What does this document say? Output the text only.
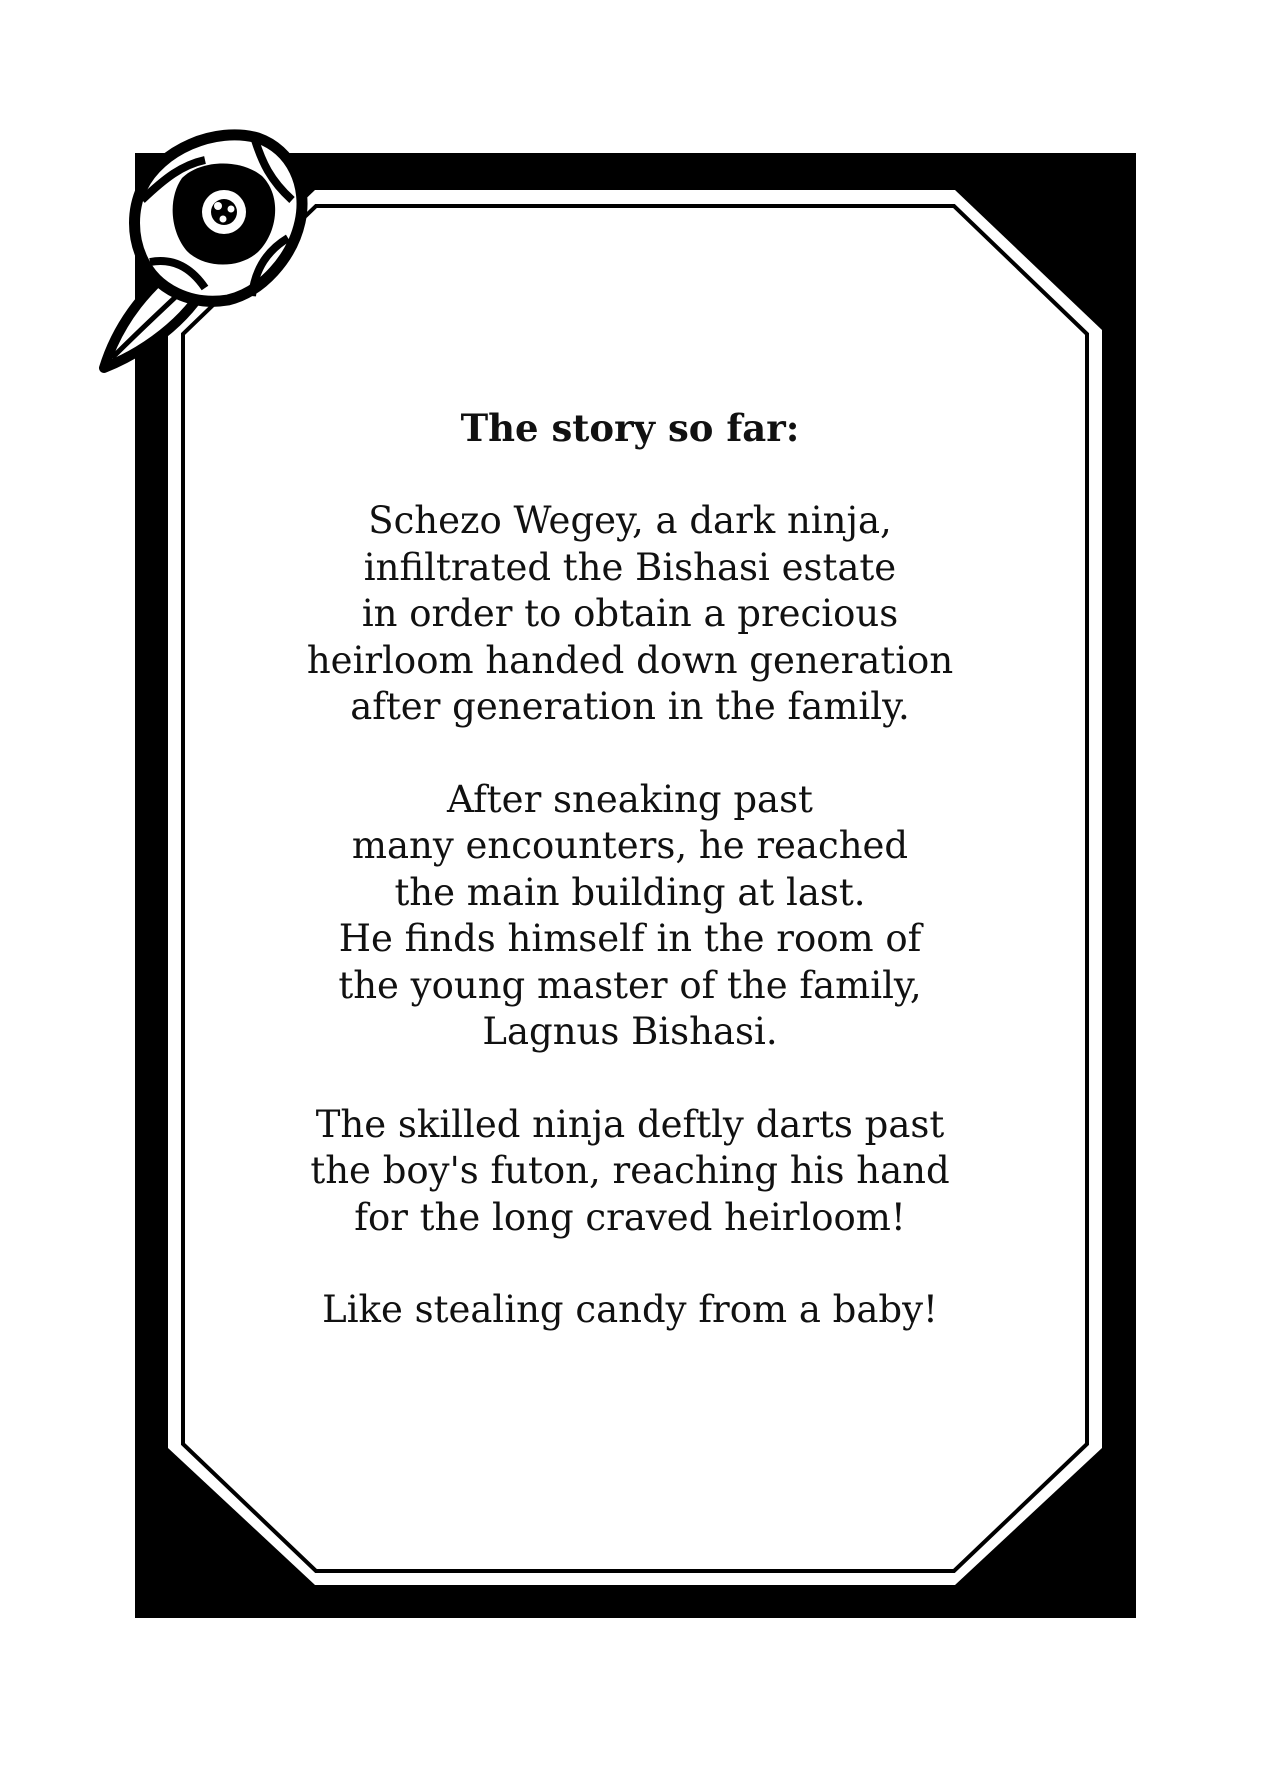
The story so far:
Schezo Wegey, a dark ninja,
infiltrated the Bishasi estate
in order to obtain a precious
heirloom handed down generation
after generation in the family.
After sneaking past
many encounters, he reached
the main building at last.
He finds himself in the room of
the young master of the family,
Lagnus Bishasi.
The skilled ninja deftly darts past
the boy's futon, reaching his hand
for the long craved heirloom!
Like stealing candy from a baby!
